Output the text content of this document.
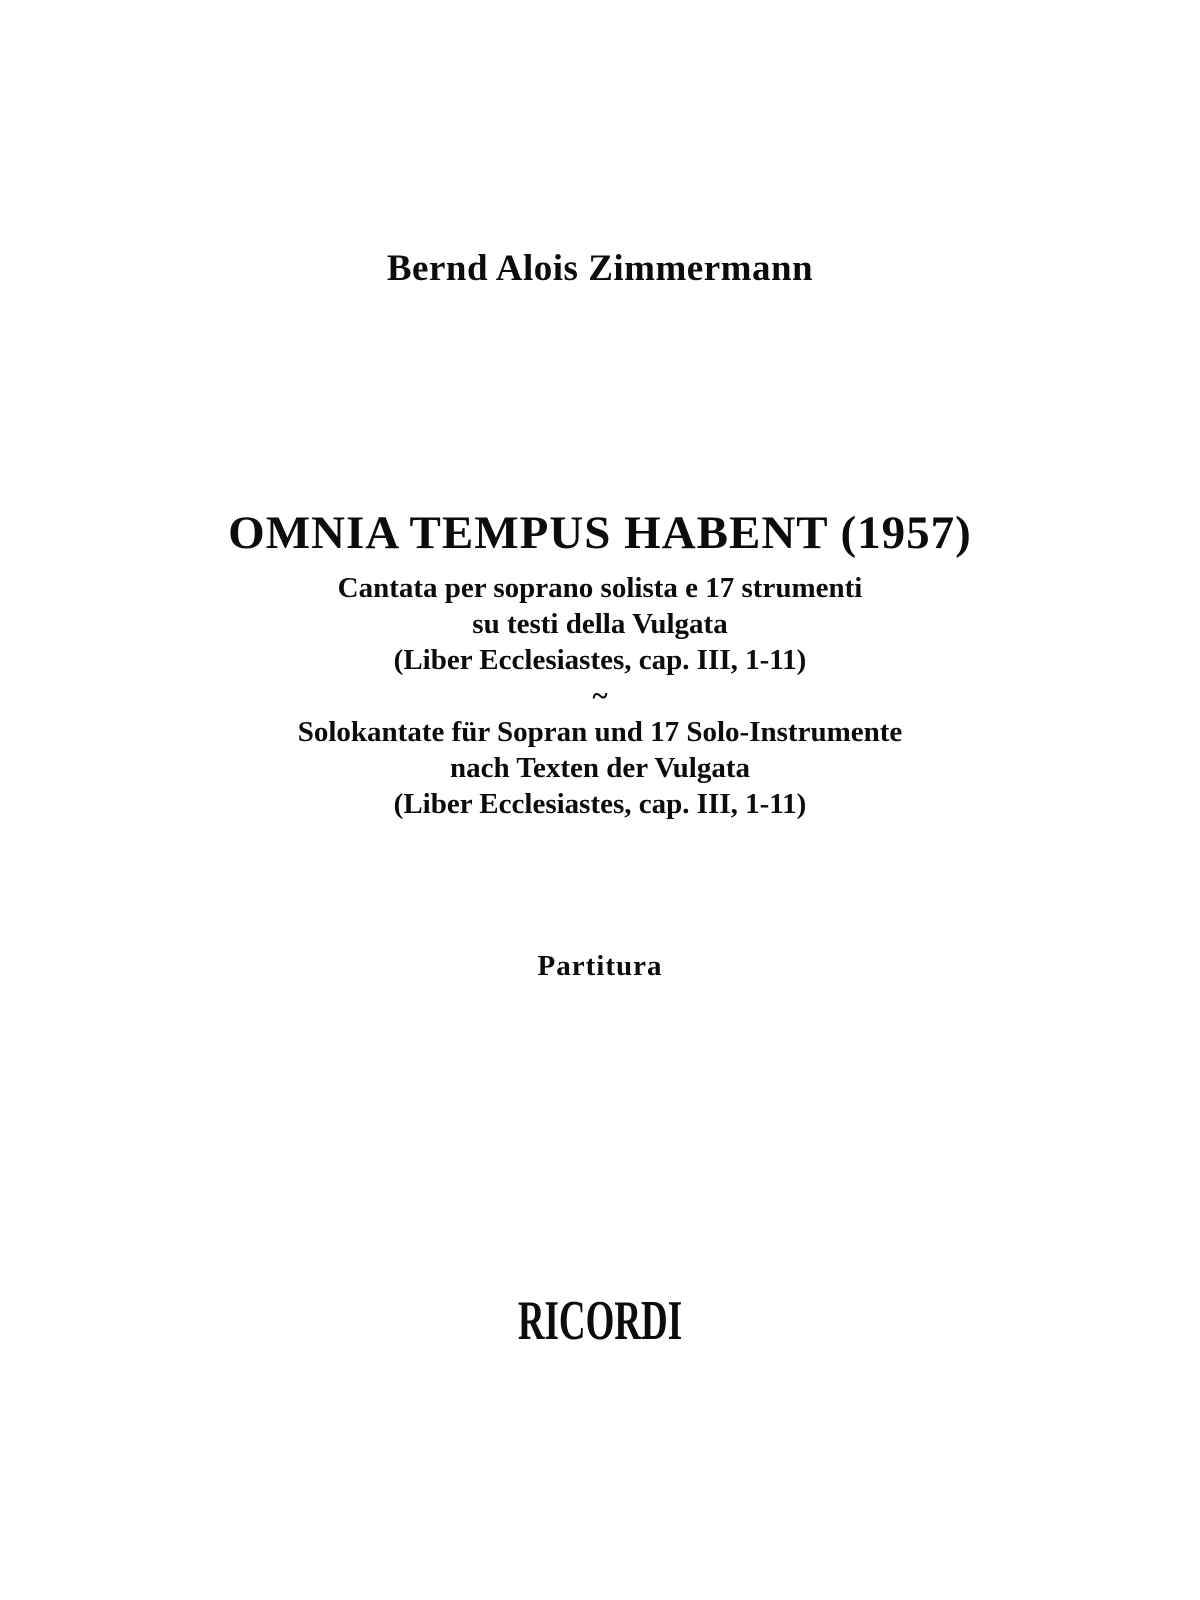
Bernd Alois Zimmermann
OMNIA TEMPUS HABENT (1957)
Cantata per soprano solista e 17 strumenti
su testi della Vulgata
(Liber Ecclesiastes, cap. III, 1-11)
~
Solokantate für Sopran und 17 Solo-Instrumente
nach Texten der Vulgata
(Liber Ecclesiastes, cap. III, 1-11)
Partitura
RICORDI
